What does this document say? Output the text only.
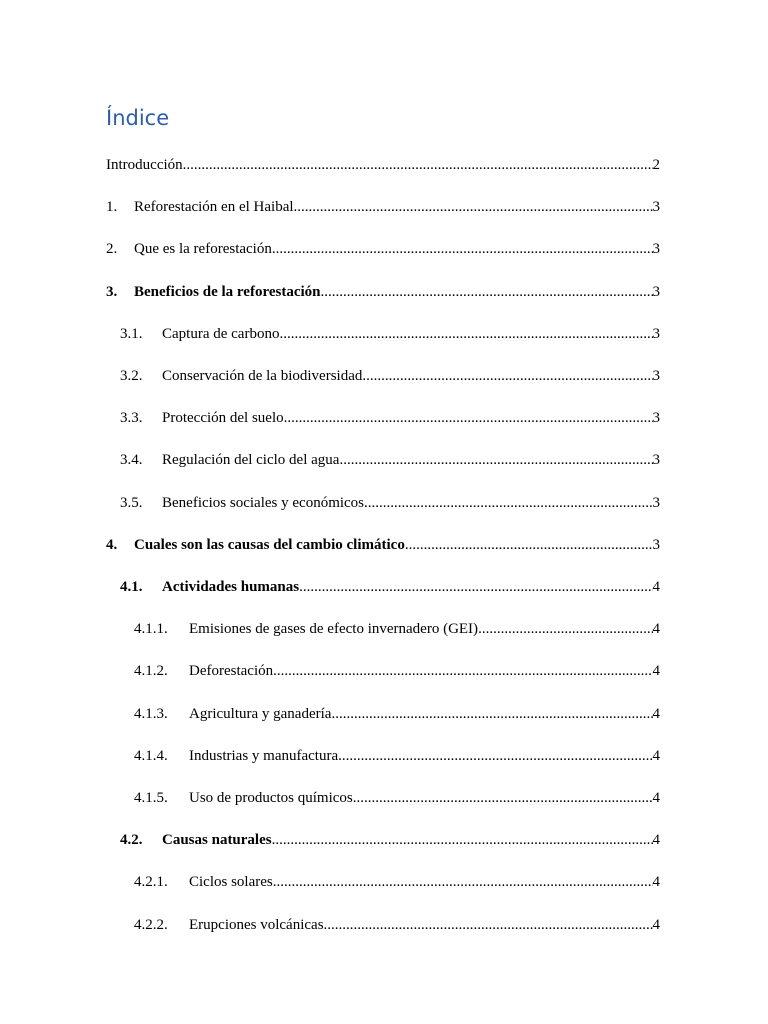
Índice
Introducción .....	2
1.	Reforestación en el Haibal .....	3
2.	Que es la reforestación .....	3
3.	Beneficios de la reforestación .....	3
3.1.	Captura de carbono .....	3
3.2.	Conservación de la biodiversidad .....	3
3.3.	Protección del suelo .....	3
3.4.	Regulación del ciclo del agua .....	3
3.5.	Beneficios sociales y económicos .....	3
4.	Cuales son las causas del cambio climático .....	3
4.1.	Actividades humanas .....	4
4.1.1.	Emisiones de gases de efecto invernadero (GEI) .....	4
4.1.2.	Deforestación .....	4
4.1.3.	Agricultura y ganadería .....	4
4.1.4.	Industrias y manufactura .....	4
4.1.5.	Uso de productos químicos .....	4
4.2.	Causas naturales .....	4
4.2.1.	Ciclos solares .....	4
4.2.2.	Erupciones volcánicas .....	4
